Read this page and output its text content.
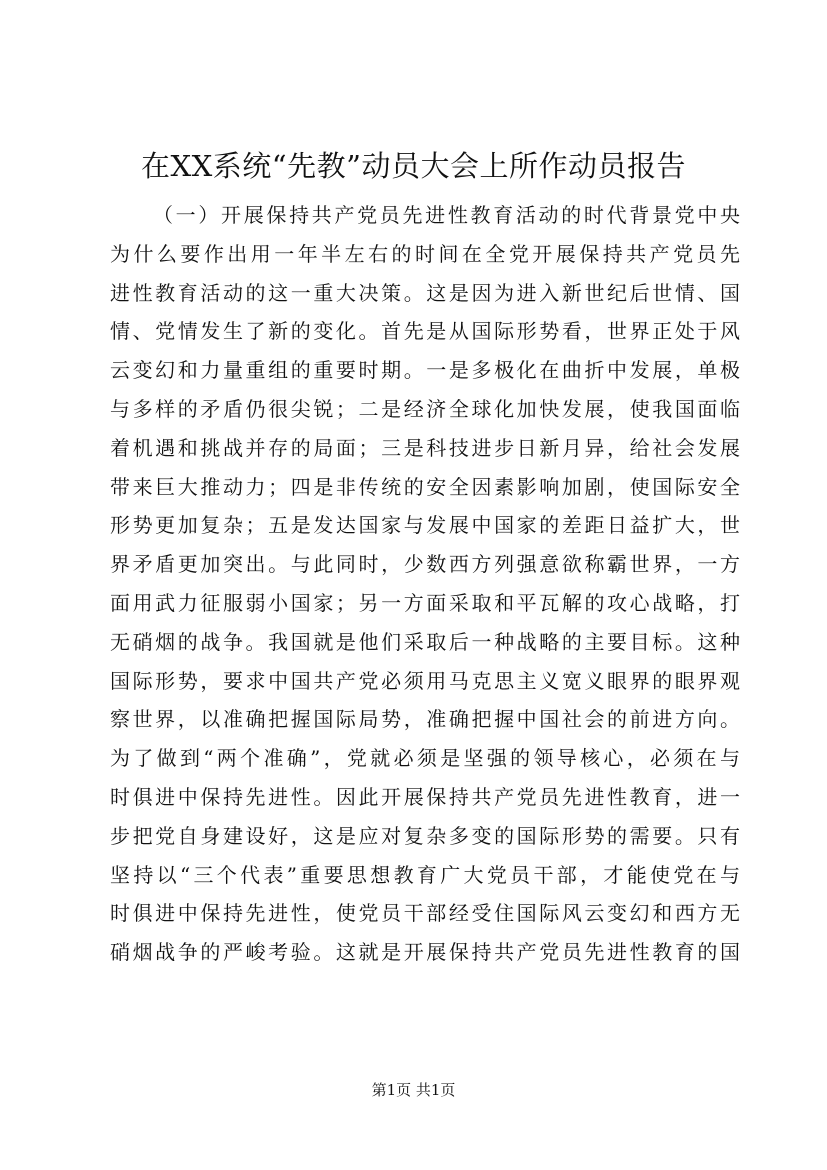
在XX系统“先教”动员大会上所作动员报告
（一）开展保持共产党员先进性教育活动的时代背景党中央
为什么要作出用一年半左右的时间在全党开展保持共产党员先
进性教育活动的这一重大决策。这是因为进入新世纪后世情、国
情、党情发生了新的变化。首先是从国际形势看，世界正处于风
云变幻和力量重组的重要时期。一是多极化在曲折中发展，单极
与多样的矛盾仍很尖锐；二是经济全球化加快发展，使我国面临
着机遇和挑战并存的局面；三是科技进步日新月异，给社会发展
带来巨大推动力；四是非传统的安全因素影响加剧，使国际安全
形势更加复杂；五是发达国家与发展中国家的差距日益扩大，世
界矛盾更加突出。与此同时，少数西方列强意欲称霸世界，一方
面用武力征服弱小国家；另一方面采取和平瓦解的攻心战略，打
无硝烟的战争。我国就是他们采取后一种战略的主要目标。这种
国际形势，要求中国共产党必须用马克思主义宽义眼界的眼界观
察世界，以准确把握国际局势，准确把握中国社会的前进方向。
为了做到“两个准确”，党就必须是坚强的领导核心，必须在与
时俱进中保持先进性。因此开展保持共产党员先进性教育，进一
步把党自身建设好，这是应对复杂多变的国际形势的需要。只有
坚持以“三个代表”重要思想教育广大党员干部，才能使党在与
时俱进中保持先进性，使党员干部经受住国际风云变幻和西方无
硝烟战争的严峻考验。这就是开展保持共产党员先进性教育的国
第1页 共1页
